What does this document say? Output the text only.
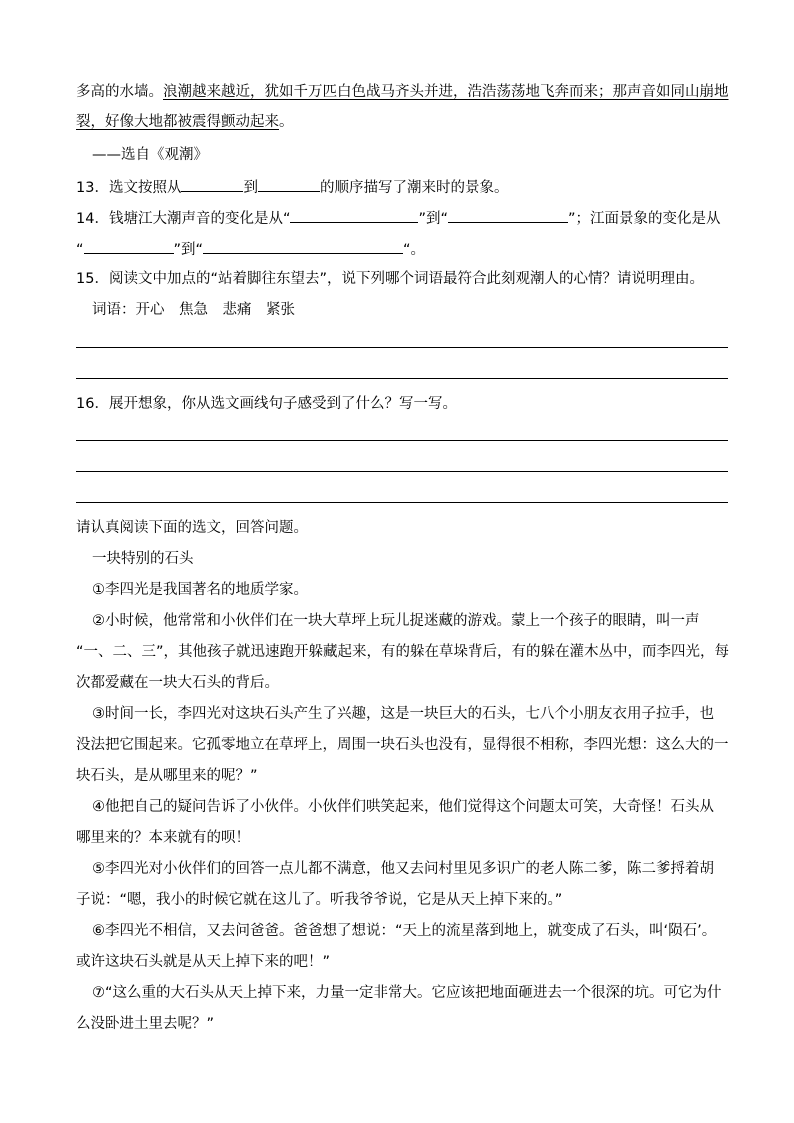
多高的水墙。浪潮越来越近，犹如千万匹白色战马齐头并进，浩浩荡荡地飞奔而来；那声音如同山崩地
裂，好像大地都被震得颤动起来。
——选自《观潮》
13．选文按照从	到	的顺序描写了潮来时的景象。
14．钱塘江大潮声音的变化是从“	”到“	”；江面景象的变化是从
“	”到“	“。
15．阅读文中加点的“站着脚往东望去”，说下列哪个词语最符合此刻观潮人的心情？请说明理由。
词语：开心　焦急　悲痛　紧张
16．展开想象，你从选文画线句子感受到了什么？写一写。
请认真阅读下面的选文，回答问题。
一块特别的石头
①李四光是我国著名的地质学家。
②小时候，他常常和小伙伴们在一块大草坪上玩儿捉迷藏的游戏。蒙上一个孩子的眼睛，叫一声
“一、二、三”，其他孩子就迅速跑开躲藏起来，有的躲在草垛背后，有的躲在灌木丛中，而李四光，每
次都爱藏在一块大石头的背后。
③时间一长，李四光对这块石头产生了兴趣，这是一块巨大的石头，七八个小朋友衣用子拉手，也
没法把它围起来。它孤零地立在草坪上，周围一块石头也没有，显得很不相称，李四光想：这么大的一
块石头，是从哪里来的呢？”
④他把自己的疑问告诉了小伙伴。小伙伴们哄笑起来，他们觉得这个问题太可笑，大奇怪！石头从
哪里来的？本来就有的呗！
⑤李四光对小伙伴们的回答一点儿都不满意，他又去问村里见多识广的老人陈二爹，陈二爹捋着胡
子说：“嗯，我小的时候它就在这儿了。听我爷爷说，它是从天上掉下来的。”
⑥李四光不相信，又去问爸爸。爸爸想了想说：“天上的流星落到地上，就变成了石头，叫‘陨石’。
或许这块石头就是从天上掉下来的吧！”
⑦“这么重的大石头从天上掉下来，力量一定非常大。它应该把地面砸进去一个很深的坑。可它为什
么没卧进土里去呢？”
